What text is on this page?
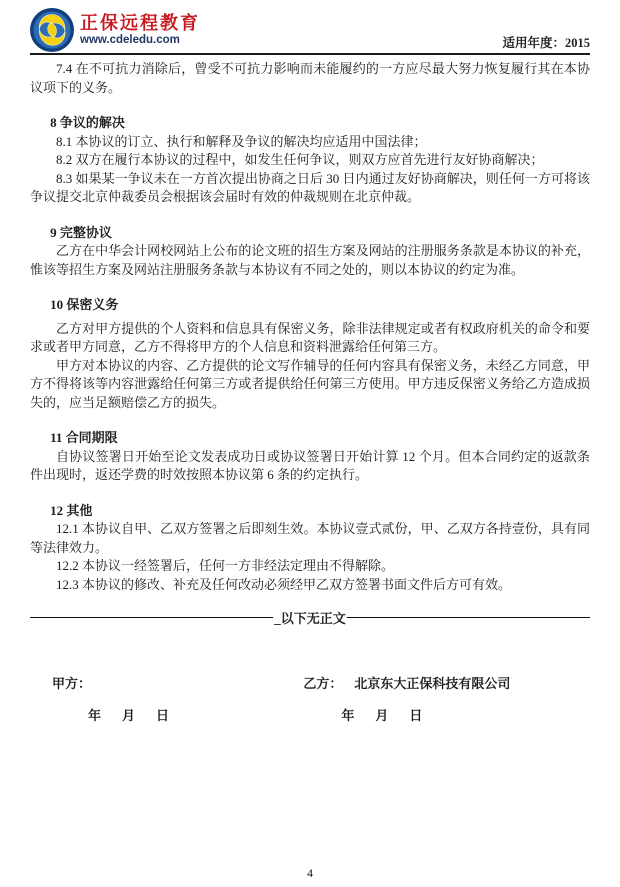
正保远程教育
www.cdeledu.com	适用年度：2015

7.4 在不可抗力消除后，曾受不可抗力影响而未能履约的一方应尽最大努力恢复履行其在本协议项下的义务。

8 争议的解决

8.1 本协议的订立、执行和解释及争议的解决均应适用中国法律；

8.2 双方在履行本协议的过程中，如发生任何争议，则双方应首先进行友好协商解决；

8.3 如果某一争议未在一方首次提出协商之日后 30 日内通过友好协商解决，则任何一方可将该争议提交北京仲裁委员会根据该会届时有效的仲裁规则在北京仲裁。

9 完整协议

乙方在中华会计网校网站上公布的论文班的招生方案及网站的注册服务条款是本协议的补充，惟该等招生方案及网站注册服务条款与本协议有不同之处的，则以本协议的约定为准。

10 保密义务

乙方对甲方提供的个人资料和信息具有保密义务，除非法律规定或者有权政府机关的命令和要求或者甲方同意，乙方不得将甲方的个人信息和资料泄露给任何第三方。

甲方对本协议的内容、乙方提供的论文写作辅导的任何内容具有保密义务，未经乙方同意，甲方不得将该等内容泄露给任何第三方或者提供给任何第三方使用。甲方违反保密义务给乙方造成损失的，应当足额赔偿乙方的损失。

11 合同期限

自协议签署日开始至论文发表成功日或协议签署日开始计算 12 个月。但本合同约定的返款条件出现时，返还学费的时效按照本协议第 6 条的约定执行。

12 其他

12.1 本协议自甲、乙双方签署之后即刻生效。本协议壹式贰份，甲、乙双方各持壹份，具有同等法律效力。

12.2 本协议一经签署后，任何一方非经法定理由不得解除。

12.3 本协议的修改、补充及任何改动必须经甲乙双方签署书面文件后方可有效。

_以下无正文
甲方：	乙方： 北京东大正保科技有限公司
年　月　日	年　月　日
4
